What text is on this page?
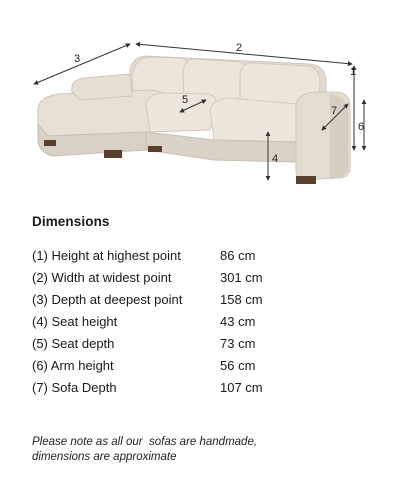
1
2
3
4
5
6
7
Dimensions
(1) Height at highest point	86 cm
(2) Width at widest point	301 cm
(3) Depth at deepest point	158 cm
(4) Seat height	43 cm
(5) Seat depth	73 cm
(6) Arm height	56 cm
(7) Sofa Depth	107 cm
Please note as all our  sofas are handmade,
dimensions are approximate
